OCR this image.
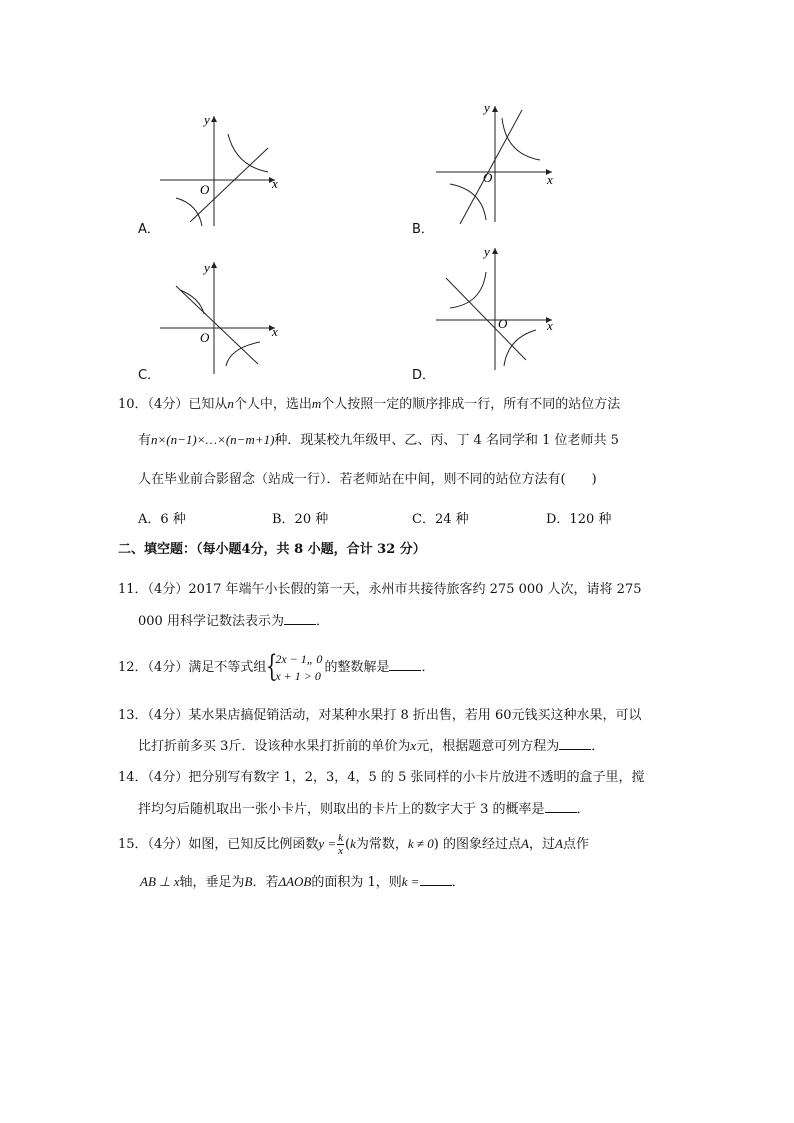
y
x
O
A．
y
x
O
B．
y
x
O
C．
y
x
O
D．
10．（4分）已知从n个人中，选出m个人按照一定的顺序排成一行，所有不同的站位方法
有n×(n−1)×…×(n−m+1)种．现某校九年级甲、乙、丙、丁 4 名同学和 1 位老师共 5
人在毕业前合影留念（站成一行）．若老师站在中间，则不同的站位方法有(　　)
A．6 种	B．20 种	C．24 种	D．120 种
二、填空题：（每小题4分，共 8 小题，合计 32 分）
11．（4分）2017 年端午小长假的第一天，永州市共接待旅客约 275 000 人次，请将 275
000 用科学记数法表示为 ．
12．（4分）满足不等式组 {
2x − 1„ 0
x + 1 > 0
的整数解是 ．
13．（4分）某水果店搞促销活动，对某种水果打 8 折出售，若用 60元钱买这种水果，可以
比打折前多买 3斤．设该种水果打折前的单价为x元，根据题意可列方程为 ．
14．（4分）把分别写有数字 1，2，3，4，5 的 5 张同样的小卡片放进不透明的盒子里，搅
拌均匀后随机取出一张小卡片，则取出的卡片上的数字大于 3 的概率是 ．
15．（4分）如图，已知反比例函数$y = \frac{k}{x} (k$为常数，k ≠ 0) 的图象经过点A，过A点作
AB ⊥ x轴，垂足为B．若ΔAOB的面积为 1，则k = ．
